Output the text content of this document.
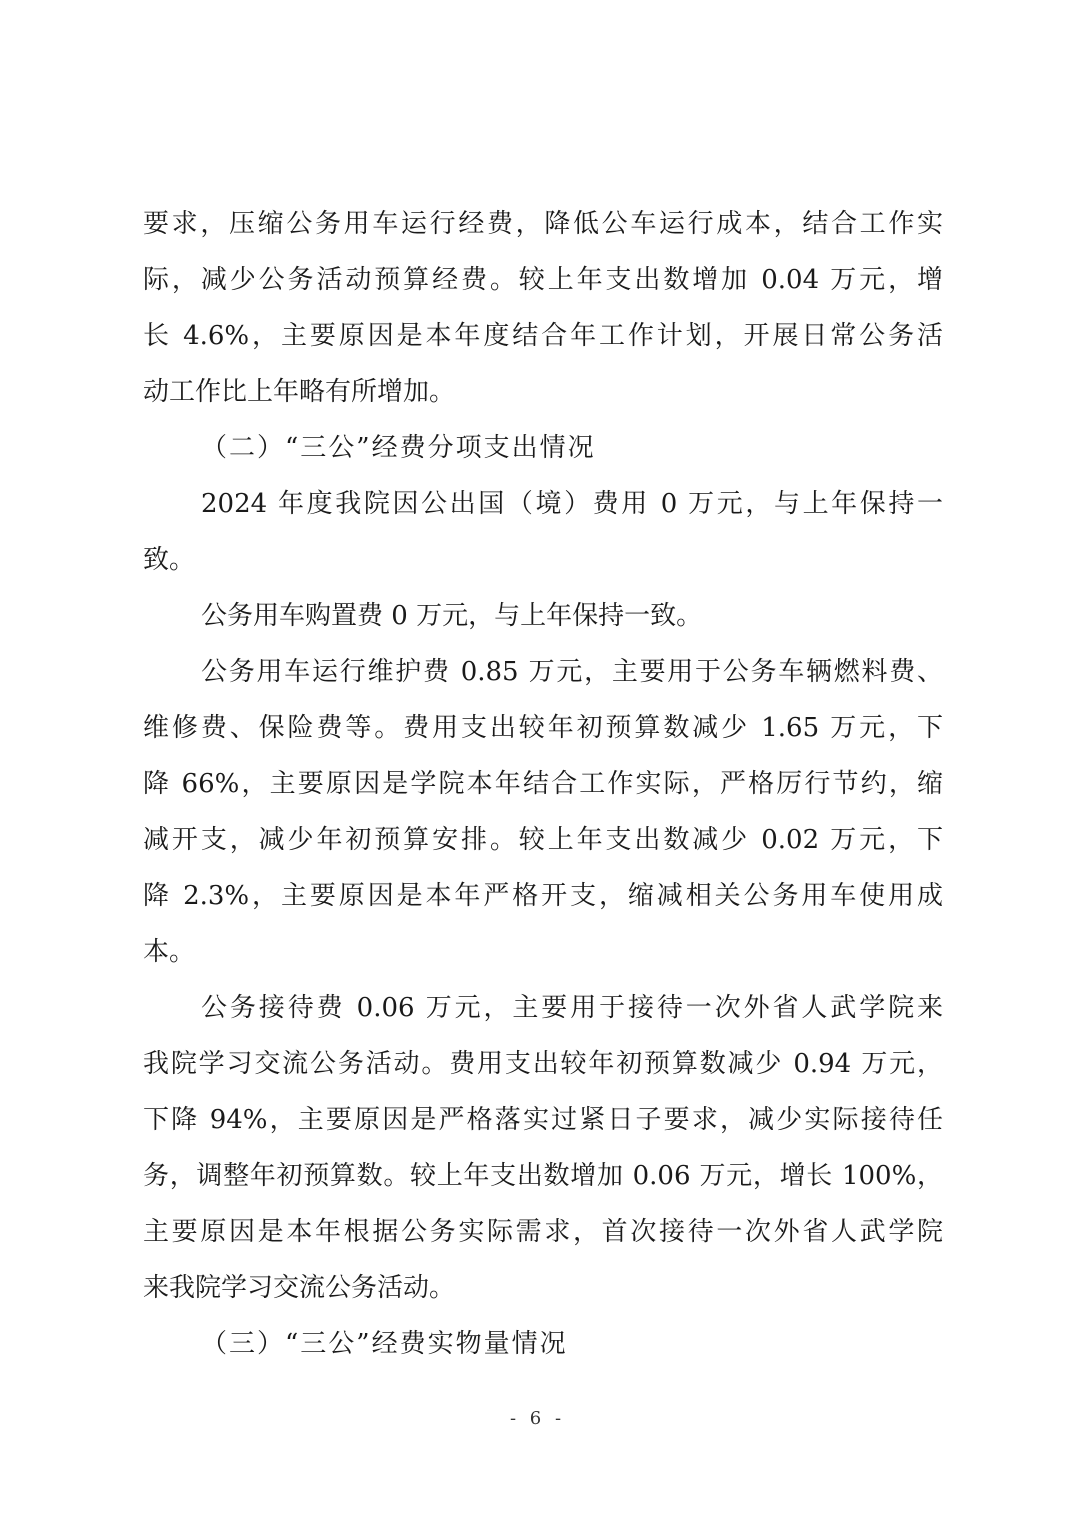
要求，压缩公务用车运行经费，降低公车运行成本，结合工作实
际，减少公务活动预算经费。较上年支出数增加 0.04 万元，增
长 4.6%，主要原因是本年度结合年工作计划，开展日常公务活
动工作比上年略有所增加。
（二）“三公”经费分项支出情况
2024 年度我院因公出国（境）费用 0 万元，与上年保持一
致。
公务用车购置费 0 万元，与上年保持一致。
公务用车运行维护费 0.85 万元，主要用于公务车辆燃料费、
维修费、保险费等。费用支出较年初预算数减少 1.65 万元，下
降 66%，主要原因是学院本年结合工作实际，严格厉行节约，缩
减开支，减少年初预算安排。较上年支出数减少 0.02 万元，下
降 2.3%，主要原因是本年严格开支，缩减相关公务用车使用成
本。
公务接待费 0.06 万元，主要用于接待一次外省人武学院来
我院学习交流公务活动。费用支出较年初预算数减少 0.94 万元，
下降 94%，主要原因是严格落实过紧日子要求，减少实际接待任
务，调整年初预算数。较上年支出数增加 0.06 万元，增长 100%，
主要原因是本年根据公务实际需求，首次接待一次外省人武学院
来我院学习交流公务活动。
（三）“三公”经费实物量情况
- 6 -
